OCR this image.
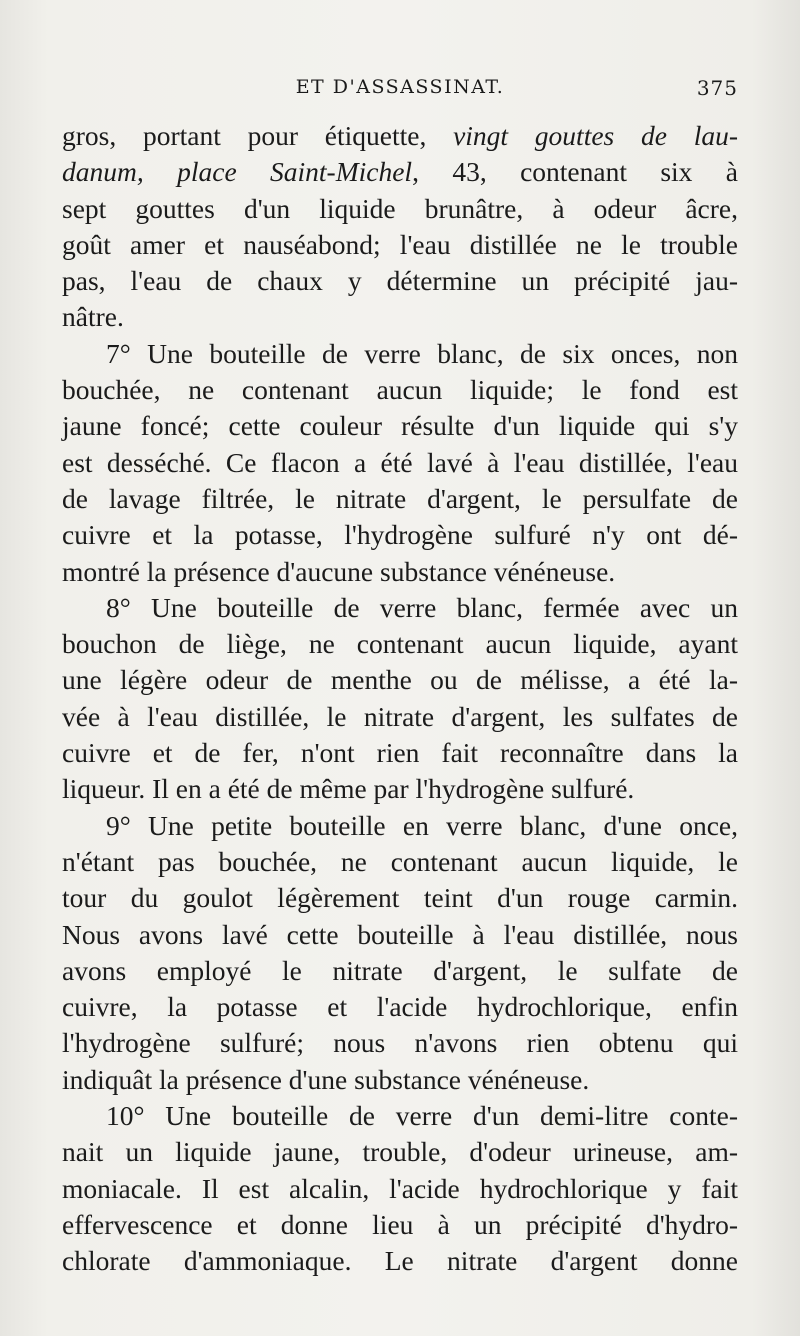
ET D'ASSASSINAT.	375
gros, portant pour étiquette, vingt gouttes de lau-
danum, place Saint-Michel, 43, contenant six à
sept gouttes d'un liquide brunâtre, à odeur âcre,
goût amer et nauséabond; l'eau distillée ne le trouble
pas, l'eau de chaux y détermine un précipité jau-
nâtre.
7° Une bouteille de verre blanc, de six onces, non
bouchée, ne contenant aucun liquide; le fond est
jaune foncé; cette couleur résulte d'un liquide qui s'y
est desséché. Ce flacon a été lavé à l'eau distillée, l'eau
de lavage filtrée, le nitrate d'argent, le persulfate de
cuivre et la potasse, l'hydrogène sulfuré n'y ont dé-
montré la présence d'aucune substance vénéneuse.
8° Une bouteille de verre blanc, fermée avec un
bouchon de liège, ne contenant aucun liquide, ayant
une légère odeur de menthe ou de mélisse, a été la-
vée à l'eau distillée, le nitrate d'argent, les sulfates de
cuivre et de fer, n'ont rien fait reconnaître dans la
liqueur. Il en a été de même par l'hydrogène sulfuré.
9° Une petite bouteille en verre blanc, d'une once,
n'étant pas bouchée, ne contenant aucun liquide, le
tour du goulot légèrement teint d'un rouge carmin.
Nous avons lavé cette bouteille à l'eau distillée, nous
avons employé le nitrate d'argent, le sulfate de
cuivre, la potasse et l'acide hydrochlorique, enfin
l'hydrogène sulfuré; nous n'avons rien obtenu qui
indiquât la présence d'une substance vénéneuse.
10° Une bouteille de verre d'un demi-litre conte-
nait un liquide jaune, trouble, d'odeur urineuse, am-
moniacale. Il est alcalin, l'acide hydrochlorique y fait
effervescence et donne lieu à un précipité d'hydro-
chlorate d'ammoniaque. Le nitrate d'argent donne
